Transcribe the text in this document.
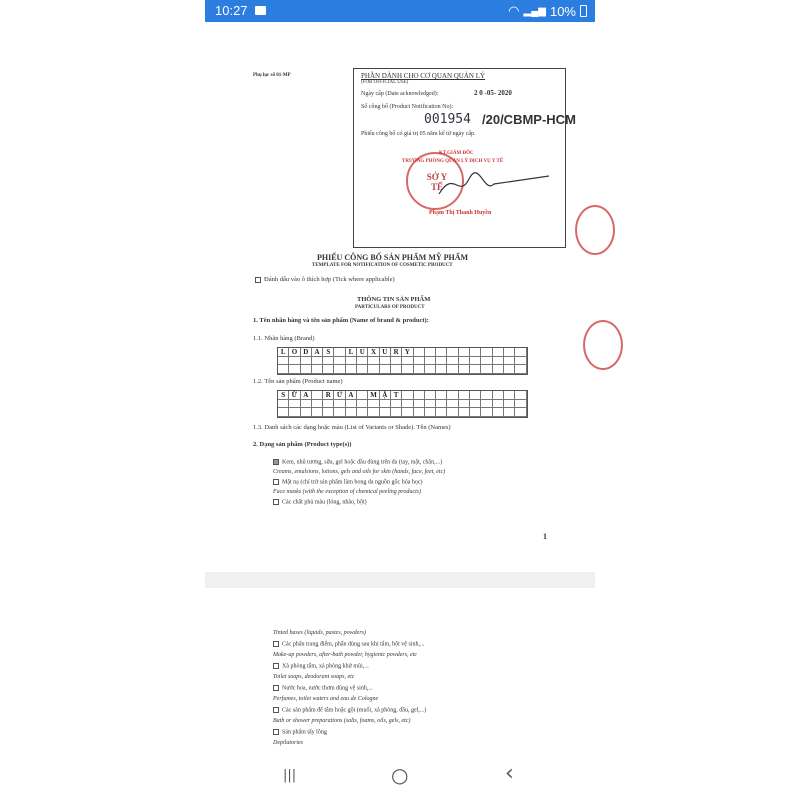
10:27	◠ ▂▄▆ 10%
Phụ lục số 01-MP	PHẦN DÀNH CHO CƠ QUAN QUẢN LÝ
(FOR OFFICIAL USE)
Ngày cấp (Date acknowledged):	2 0 -05- 2020
Số công bố (Product Notification No):
001954 /20/CBMP-HCM
Phiếu công bố có giá trị 05 năm kể từ ngày cấp.
KT.GIÁM ĐỐC
TRƯỞNG PHÒNG QUẢN LÝ DỊCH VỤ Y TẾ
SỞ Y TẾ
Phạm Thị Thanh Huyền
PHIẾU CÔNG BỐ SẢN PHẨM MỸ PHẨM
TEMPLATE FOR NOTIFICATION OF COSMETIC PRODUCT
Đánh dấu vào ô thích hợp (Tick where applicable)
THÔNG TIN SẢN PHẨM
PARTICULARS OF PRODUCT
1. Tên nhãn hàng và tên sản phẩm (Name of brand & product):
1.1. Nhãn hàng (Brand)
L O D A S	L U X U R Y
1.2. Tên sản phẩm (Product name)
S Ữ A	R Ử A	M Ặ T
1.3. Danh sách các dạng hoặc màu (List of Variants or Shade). Tên (Names)
2. Dạng sản phẩm (Product type(s))
Kem, nhũ tương, sữa, gel hoặc dầu dùng trên da (tay, mặt, chân,...)
Creams, emulsions, lotions, gels and oils for skin (hands, face, feet, etc)
Mặt nạ (chỉ trừ sản phẩm làm bong da nguồn gốc hóa học)
Face masks (with the exception of chemical peeling products)
Các chất phủ màu (lỏng, nhão, bột)
1
Tinted bases (liquids, pastes, powders)
Các phấn trang điểm, phấn dùng sau khi tắm, bột vệ sinh,...
Make-up powders, after-bath powder, hygienic powders, etc
Xà phòng tắm, xà phòng khử mùi,...
Toilet soaps, deodorant soaps, etc
Nước hoa, nước thơm dùng vệ sinh,...
Perfumes, toilet waters and eau de Cologne
Các sản phẩm để tắm hoặc gội (muối, xà phòng, dầu, gel,...)
Bath or shower preparations (salts, foams, oils, gels, etc)
Sản phẩm tẩy lông
Depilatories
|||	○	‹
